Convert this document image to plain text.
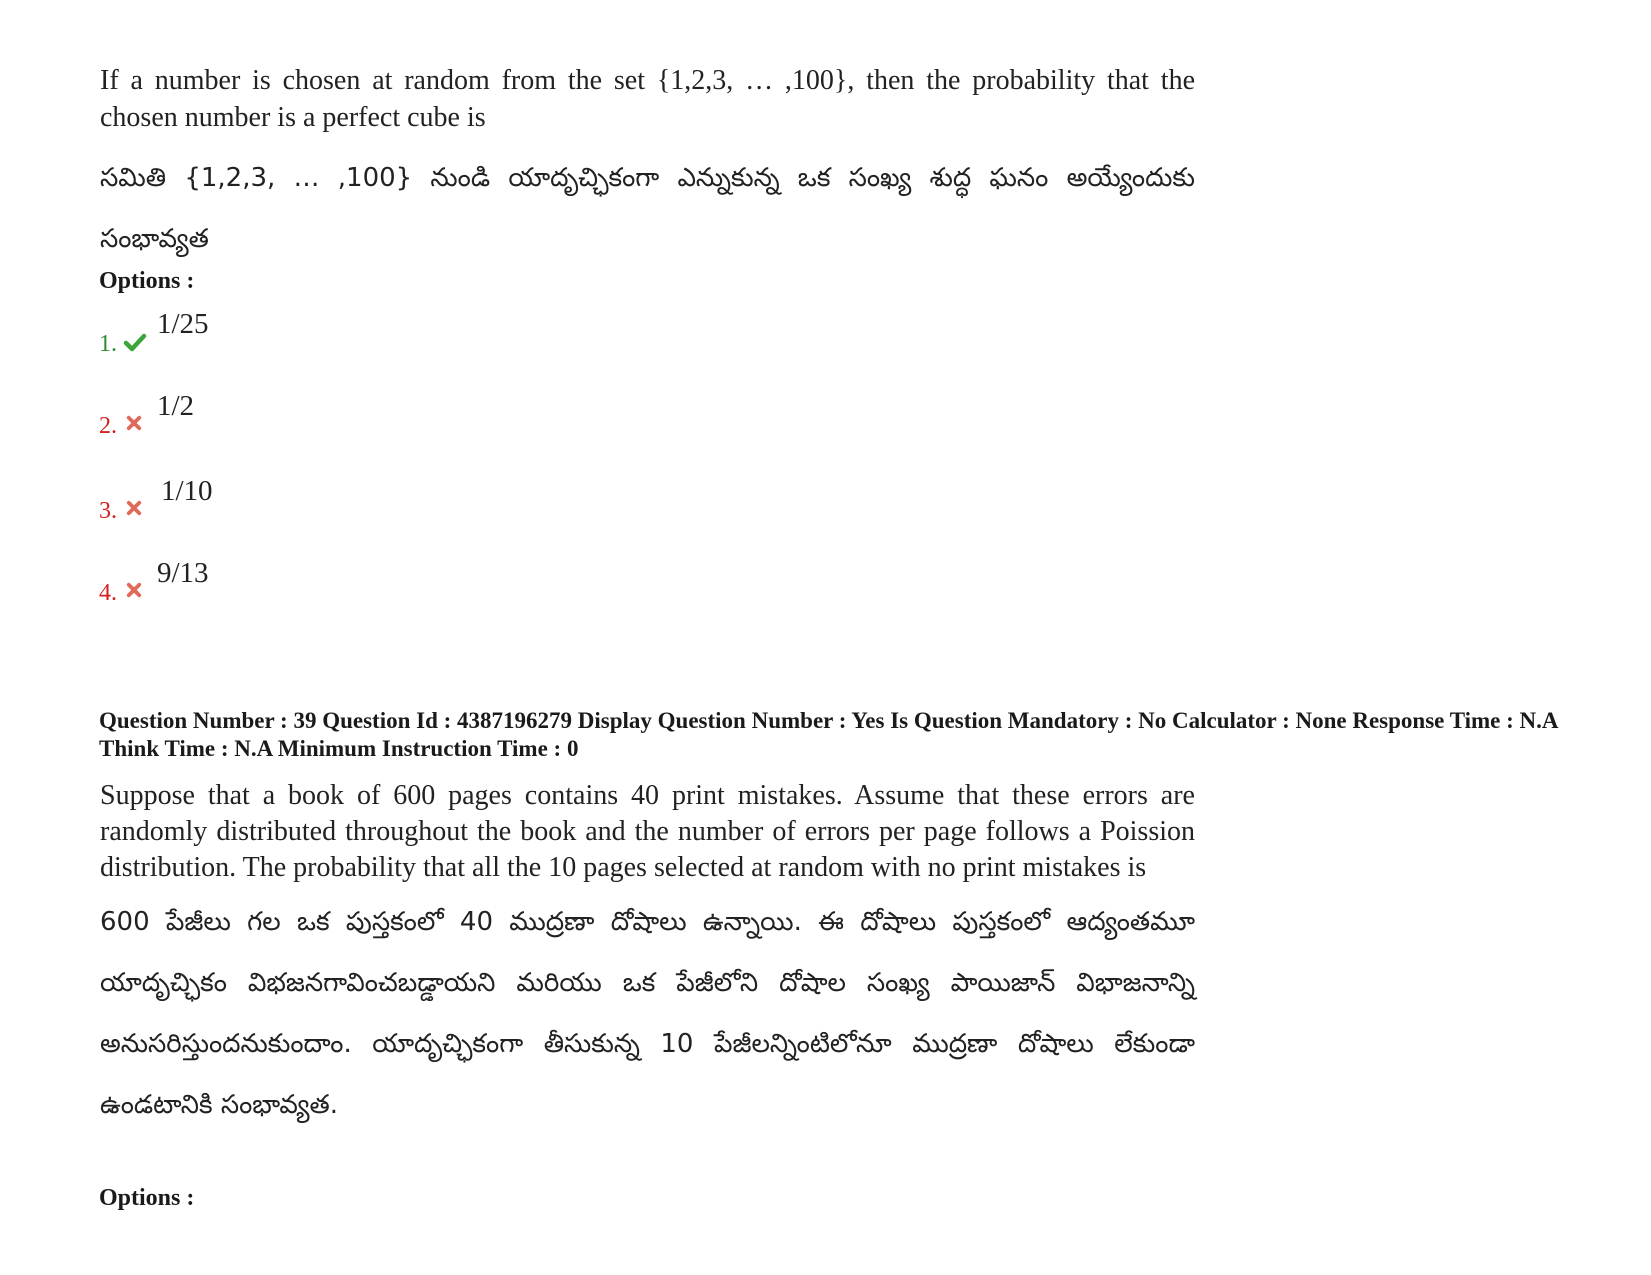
If a number is chosen at random from the set {1,2,3, … ,100}, then the probability that the chosen number is a perfect cube is

సమితి {1,2,3, … ,100} నుండి యాదృచ్ఛికంగా ఎన్నుకున్న ఒక సంఖ్య శుద్ధ ఘనం అయ్యేందుకు సంభావ్యత

Options :
1.
1/25
2.
1/2
3.
1/10
4.
9/13
Question Number : 39 Question Id : 4387196279 Display Question Number : Yes Is Question Mandatory : No Calculator : None Response Time : N.A Think Time : N.A Minimum Instruction Time : 0

Suppose that a book of 600 pages contains 40 print mistakes. Assume that these errors are randomly distributed throughout the book and the number of errors per page follows a Poission distribution. The probability that all the 10 pages selected at random with no print mistakes is

600 పేజీలు గల ఒక పుస్తకంలో 40 ముద్రణా దోషాలు ఉన్నాయి. ఈ దోషాలు పుస్తకంలో ఆద్యంతమూ యాదృచ్ఛికం విభజనగావించబడ్డాయని మరియు ఒక పేజీలోని దోషాల సంఖ్య పాయిజాన్ విభాజనాన్ని అనుసరిస్తుందనుకుందాం. యాదృచ్ఛికంగా తీసుకున్న 10 పేజీలన్నింటిలోనూ ముద్రణా దోషాలు లేకుండా ఉండటానికి సంభావ్యత.

Options :
